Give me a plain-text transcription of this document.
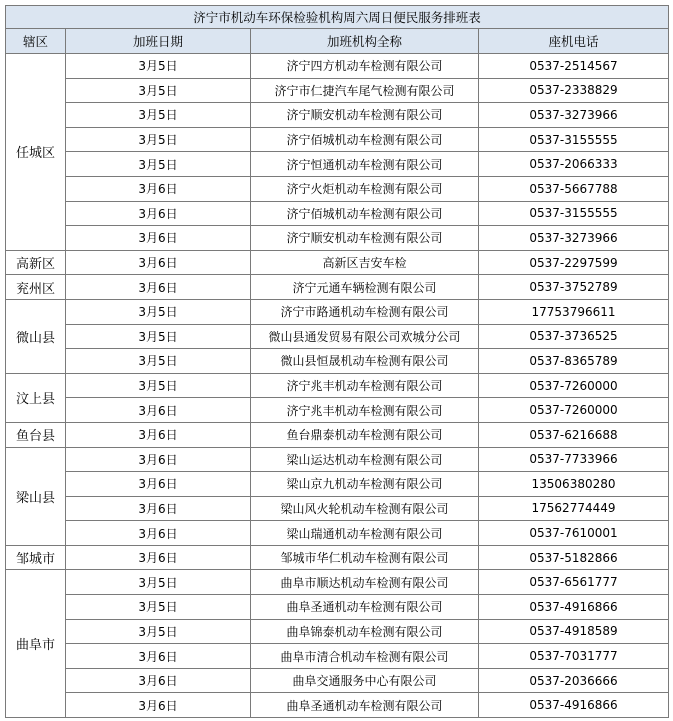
济宁市机动车环保检验机构周六周日便民服务排班表			
辖区	加班日期	加班机构全称	座机电话
任城区	3月5日	济宁四方机动车检测有限公司	0537-2514567
	3月5日	济宁市仁捷汽车尾气检测有限公司	0537-2338829
	3月5日	济宁顺安机动车检测有限公司	0537-3273966
	3月5日	济宁佰城机动车检测有限公司	0537-3155555
	3月5日	济宁恒通机动车检测有限公司	0537-2066333
	3月6日	济宁火炬机动车检测有限公司	0537-5667788
	3月6日	济宁佰城机动车检测有限公司	0537-3155555
	3月6日	济宁顺安机动车检测有限公司	0537-3273966
高新区	3月6日	高新区吉安车检	0537-2297599
兖州区	3月6日	济宁元通车辆检测有限公司	0537-3752789
微山县	3月5日	济宁市路通机动车检测有限公司	17753796611
	3月5日	微山县通发贸易有限公司欢城分公司	0537-3736525
	3月5日	微山县恒晟机动车检测有限公司	0537-8365789
汶上县	3月5日	济宁兆丰机动车检测有限公司	0537-7260000
	3月6日	济宁兆丰机动车检测有限公司	0537-7260000
鱼台县	3月6日	鱼台鼎泰机动车检测有限公司	0537-6216688
梁山县	3月6日	梁山运达机动车检测有限公司	0537-7733966
	3月6日	梁山京九机动车检测有限公司	13506380280
	3月6日	梁山风火轮机动车检测有限公司	17562774449
	3月6日	梁山瑞通机动车检测有限公司	0537-7610001
邹城市	3月6日	邹城市华仁机动车检测有限公司	0537-5182866
曲阜市	3月5日	曲阜市顺达机动车检测有限公司	0537-6561777
	3月5日	曲阜圣通机动车检测有限公司	0537-4916866
	3月5日	曲阜锦泰机动车检测有限公司	0537-4918589
	3月6日	曲阜市清合机动车检测有限公司	0537-7031777
	3月6日	曲阜交通服务中心有限公司	0537-2036666
	3月6日	曲阜圣通机动车检测有限公司	0537-4916866
